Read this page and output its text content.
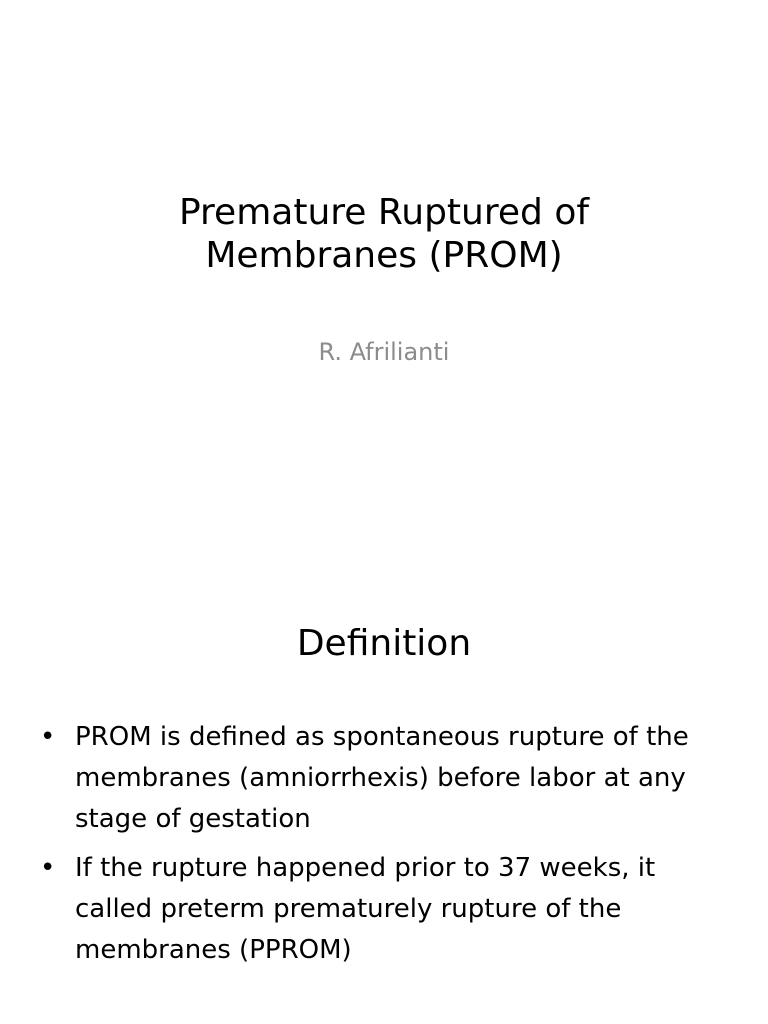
Premature Ruptured of
Membranes (PROM)
R. Afrilianti
Definition
• PROM is defined as spontaneous rupture of the membranes (amniorrhexis) before labor at any stage of gestation
• If the rupture happened prior to 37 weeks, it called preterm prematurely rupture of the membranes (PPROM)
